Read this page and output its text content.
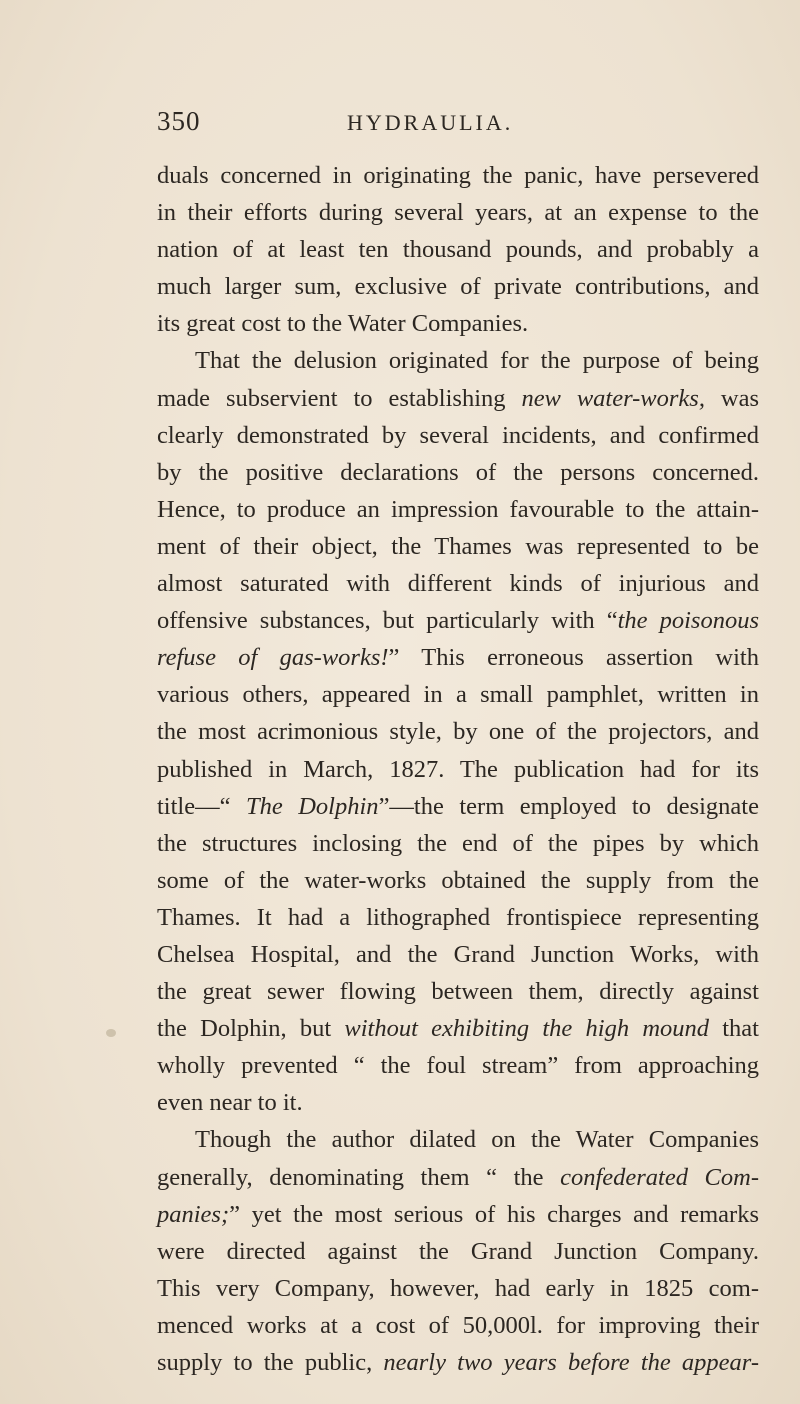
350	HYDRAULIA.
duals concerned in originating the panic, have persevered
in their efforts during several years, at an expense to the
nation of at least ten thousand pounds, and probably a
much larger sum, exclusive of private contributions, and
its great cost to the Water Companies.
That the delusion originated for the purpose of being
made subservient to establishing new water-works, was
clearly demonstrated by several incidents, and confirmed
by the positive declarations of the persons concerned.
Hence, to produce an impression favourable to the attain-
ment of their object, the Thames was represented to be
almost saturated with different kinds of injurious and
offensive substances, but particularly with “the poisonous
refuse of gas-works!” This erroneous assertion with
various others, appeared in a small pamphlet, written in
the most acrimonious style, by one of the projectors, and
published in March, 1827. The publication had for its
title—“ The Dolphin”—the term employed to designate
the structures inclosing the end of the pipes by which
some of the water-works obtained the supply from the
Thames. It had a lithographed frontispiece representing
Chelsea Hospital, and the Grand Junction Works, with
the great sewer flowing between them, directly against
the Dolphin, but without exhibiting the high mound that
wholly prevented “ the foul stream” from approaching
even near to it.
Though the author dilated on the Water Companies
generally, denominating them “ the confederated Com-
panies;” yet the most serious of his charges and remarks
were directed against the Grand Junction Company.
This very Company, however, had early in 1825 com-
menced works at a cost of 50,000l. for improving their
supply to the public, nearly two years before the appear-
